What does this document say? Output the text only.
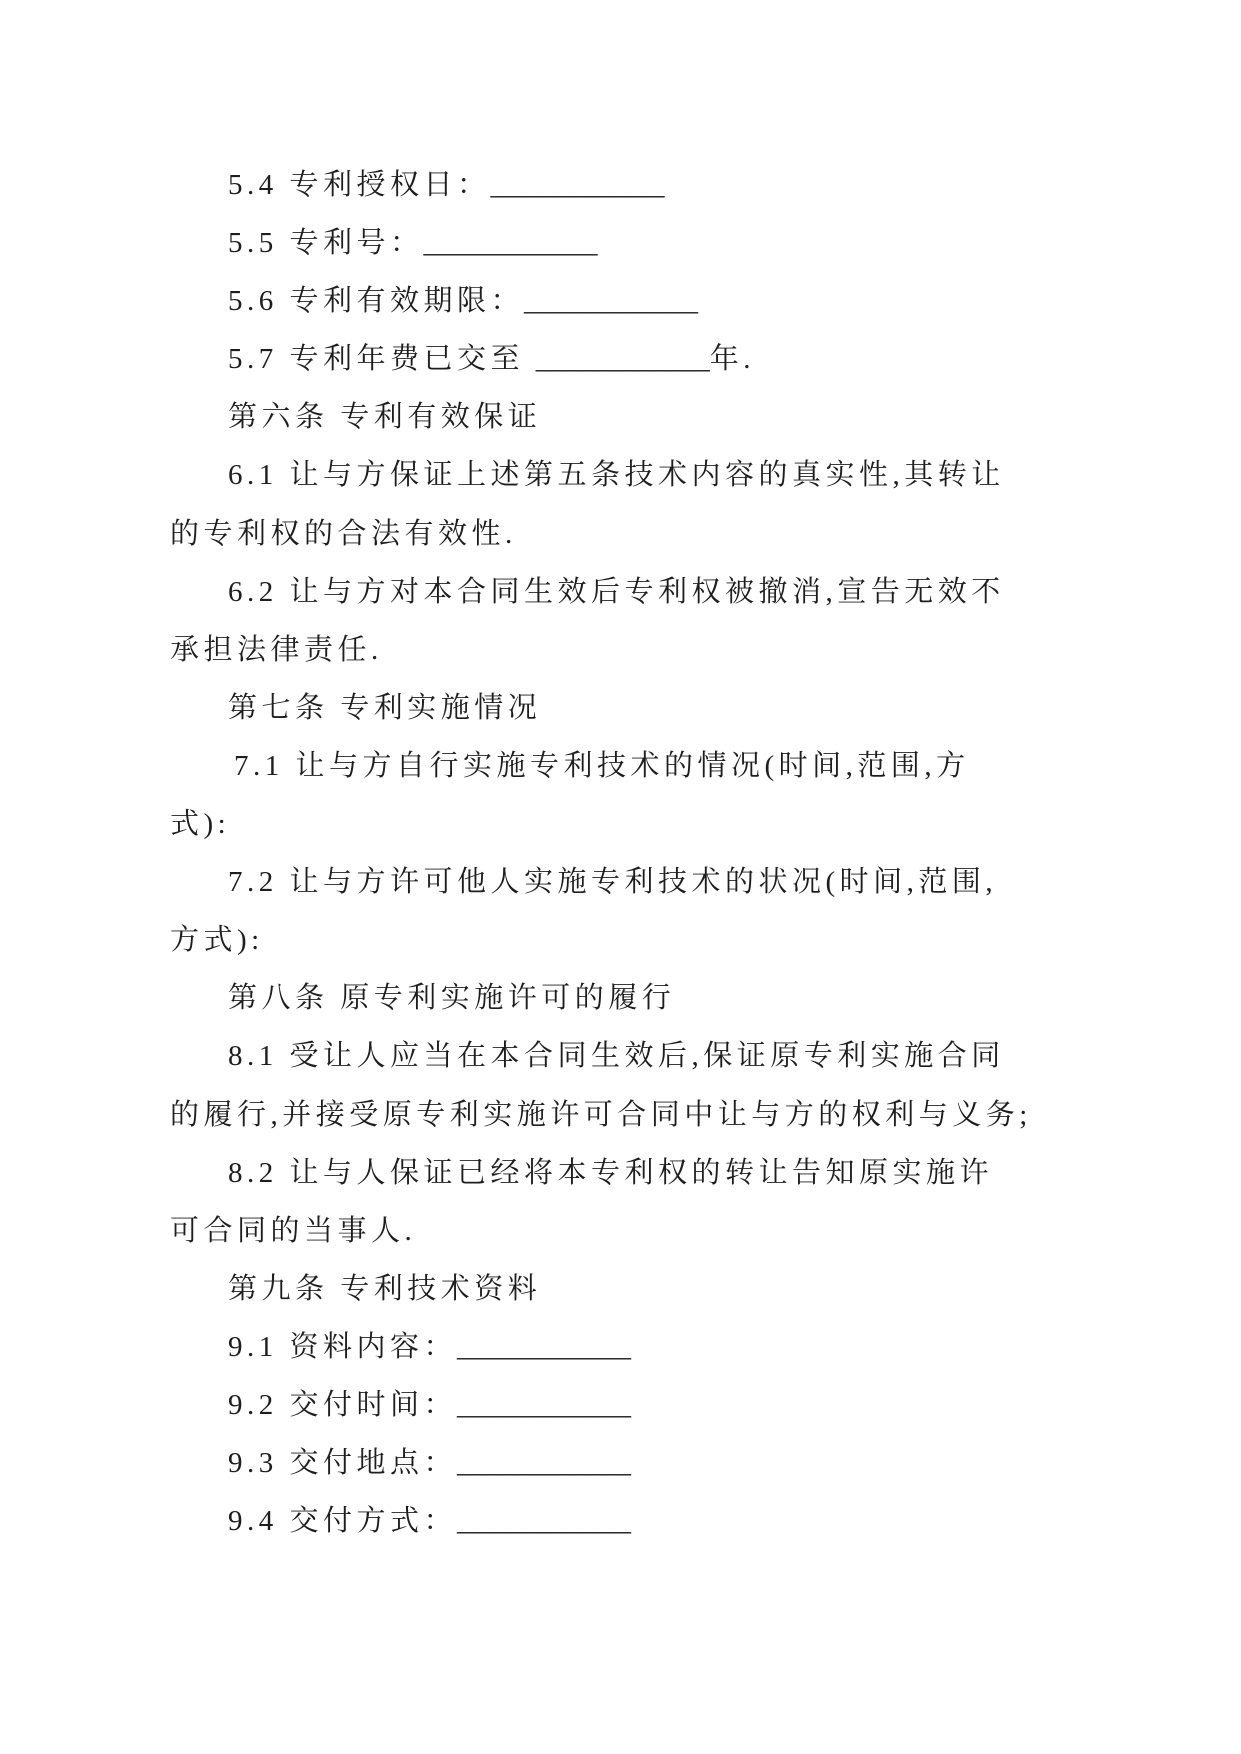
5.4 专利授权日：____________
5.5 专利号：____________
5.6 专利有效期限：____________
5.7 专利年费已交至 ____________年.
第六条 专利有效保证
6.1 让与方保证上述第五条技术内容的真实性,其转让
的专利权的合法有效性.
6.2 让与方对本合同生效后专利权被撤消,宣告无效不
承担法律责任.
第七条 专利实施情况
7.1 让与方自行实施专利技术的情况(时间,范围,方
式):
7.2 让与方许可他人实施专利技术的状况(时间,范围,
方式):
第八条 原专利实施许可的履行
8.1 受让人应当在本合同生效后,保证原专利实施合同
的履行,并接受原专利实施许可合同中让与方的权利与义务;
8.2 让与人保证已经将本专利权的转让告知原实施许
可合同的当事人.
第九条 专利技术资料
9.1 资料内容：____________
9.2 交付时间：____________
9.3 交付地点：____________
9.4 交付方式：____________
